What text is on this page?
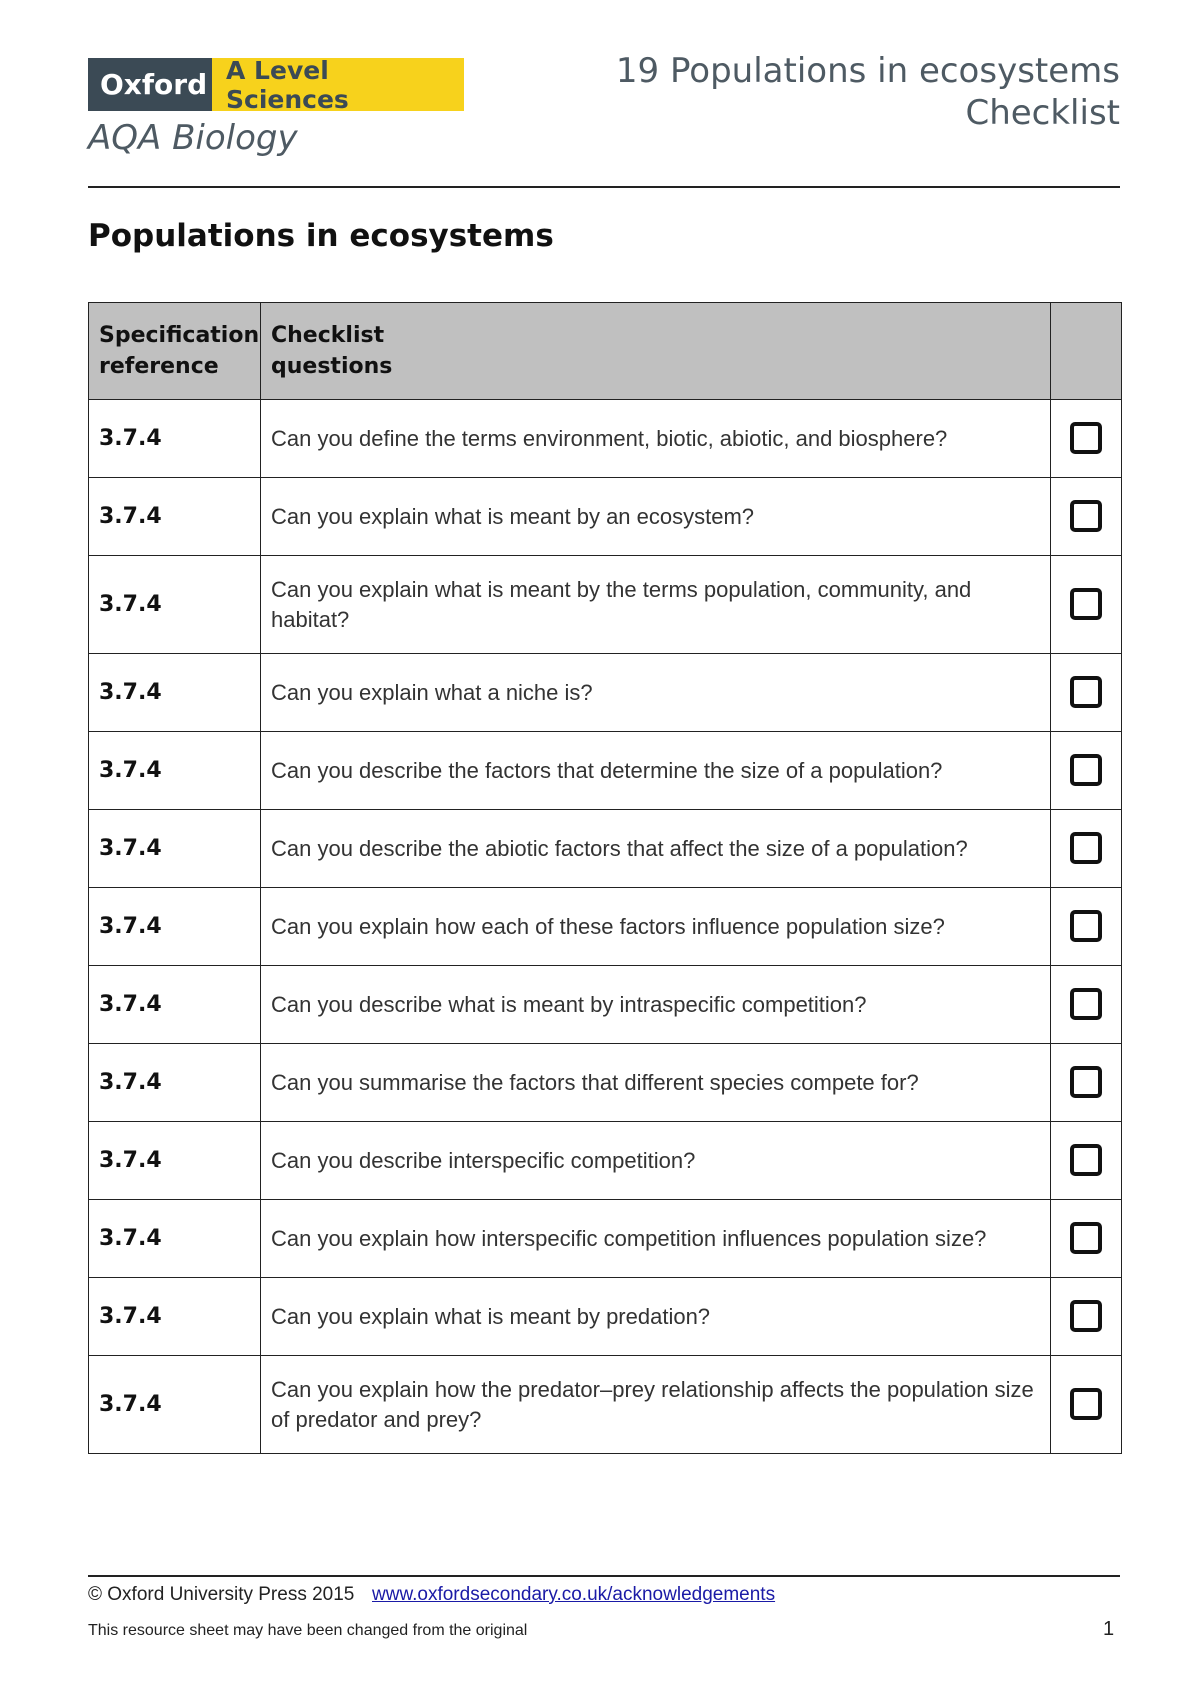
Oxford A Level Sciences
AQA Biology
19 Populations in ecosystems
Checklist
Populations in ecosystems
Specification reference	Checklist questions	

3.7.4	Can you define the terms environment, biotic, abiotic, and biosphere?	
3.7.4	Can you explain what is meant by an ecosystem?	
3.7.4	Can you explain what is meant by the terms population, community, and habitat?	
3.7.4	Can you explain what a niche is?	
3.7.4	Can you describe the factors that determine the size of a population?	
3.7.4	Can you describe the abiotic factors that affect the size of a population?	
3.7.4	Can you explain how each of these factors influence population size?	
3.7.4	Can you describe what is meant by intraspecific competition?	
3.7.4	Can you summarise the factors that different species compete for?	
3.7.4	Can you describe interspecific competition?	
3.7.4	Can you explain how interspecific competition influences population size?	
3.7.4	Can you explain what is meant by predation?	
3.7.4	Can you explain how the predator–prey relationship affects the population size of predator and prey?	
© Oxford University Press 2015 www.oxfordsecondary.co.uk/acknowledgements
This resource sheet may have been changed from the original	1
